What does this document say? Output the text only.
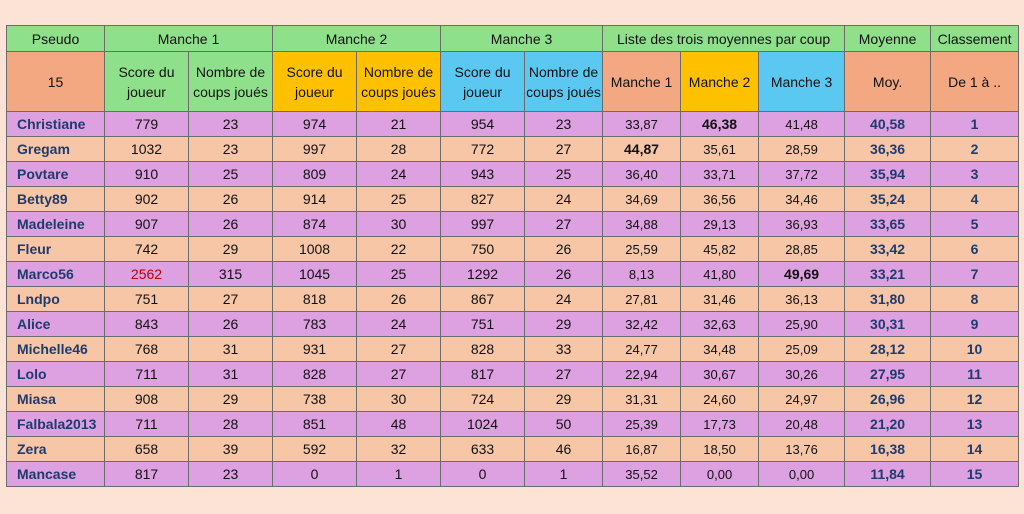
Pseudo	Manche 1		Manche 2		Manche 3		Liste des trois moyennes par coup			Moyenne	Classement
15	Score du joueur	Nombre de coups joués	Score du joueur	Nombre de coups joués	Score du joueur	Nombre de coups joués	Manche 1	Manche 2	Manche 3	Moy.	De 1 à ..
Christiane	779	23	974	21	954	23	33,87	46,38	41,48	40,58	1
Gregam	1032	23	997	28	772	27	44,87	35,61	28,59	36,36	2
Povtare	910	25	809	24	943	25	36,40	33,71	37,72	35,94	3
Betty89	902	26	914	25	827	24	34,69	36,56	34,46	35,24	4
Madeleine	907	26	874	30	997	27	34,88	29,13	36,93	33,65	5
Fleur	742	29	1008	22	750	26	25,59	45,82	28,85	33,42	6
Marco56	2562	315	1045	25	1292	26	8,13	41,80	49,69	33,21	7
Lndpo	751	27	818	26	867	24	27,81	31,46	36,13	31,80	8
Alice	843	26	783	24	751	29	32,42	32,63	25,90	30,31	9
Michelle46	768	31	931	27	828	33	24,77	34,48	25,09	28,12	10
Lolo	711	31	828	27	817	27	22,94	30,67	30,26	27,95	11
Miasa	908	29	738	30	724	29	31,31	24,60	24,97	26,96	12
Falbala2013	711	28	851	48	1024	50	25,39	17,73	20,48	21,20	13
Zera	658	39	592	32	633	46	16,87	18,50	13,76	16,38	14
Mancase	817	23	0	1	0	1	35,52	0,00	0,00	11,84	15
